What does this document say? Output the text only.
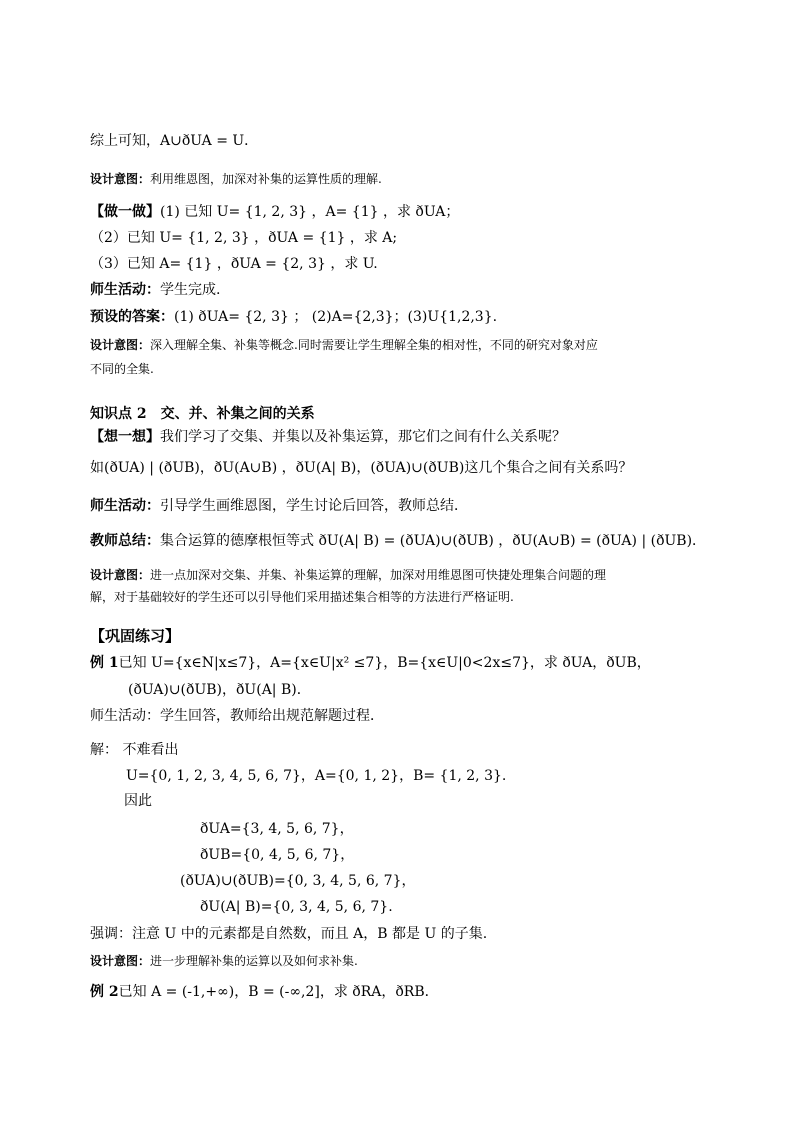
综上可知，A∪ðUA = U．
设计意图：利用维恩图，加深对补集的运算性质的理解.
【做一做】(1) 已知 U= {1, 2, 3} ，A= {1} ，求 ðUA；
（2）已知 U= {1, 2, 3} ，ðUA = {1} ，求 A;
（3）已知 A= {1} ，ðUA = {2, 3} ，求 U.
师生活动：学生完成.
预设的答案：(1) ðUA= {2, 3} ； (2)A={2,3}；(3)U{1,2,3}.
设计意图：深入理解全集、补集等概念.同时需要让学生理解全集的相对性，不同的研究对象对应
不同的全集.
知识点 2　交、并、补集之间的关系
【想一想】我们学习了交集、并集以及补集运算，那它们之间有什么关系呢？
如(ðUA) | (ðUB)，ðU(A∪B) ，ðU(A| B)，(ðUA)∪(ðUB)这几个集合之间有关系吗？
师生活动：引导学生画维恩图，学生讨论后回答，教师总结．
教师总结：集合运算的德摩根恒等式 ðU(A| B) = (ðUA)∪(ðUB) ，ðU(A∪B) = (ðUA) | (ðUB)．
设计意图：进一点加深对交集、并集、补集运算的理解，加深对用维恩图可快捷处理集合问题的理
解，对于基础较好的学生还可以引导他们采用描述集合相等的方法进行严格证明.
【巩固练习】
例 1已知 U={x∈N|x≤7}，A={x∈U|x² ≤7}，B={x∈U|0<2x≤7}，求 ðUA，ðUB，
(ðUA)∪(ðUB)，ðU(A| B)．
师生活动：学生回答，教师给出规范解题过程．
解： 不难看出
U={0, 1, 2, 3, 4, 5, 6, 7}，A={0, 1, 2}，B= {1, 2, 3}.
因此
ðUA={3, 4, 5, 6, 7}，
ðUB={0, 4, 5, 6, 7}，
(ðUA)∪(ðUB)={0, 3, 4, 5, 6, 7}，
ðU(A| B)={0, 3, 4, 5, 6, 7}.
强调：注意 U 中的元素都是自然数，而且 A，B 都是 U 的子集.
设计意图：进一步理解补集的运算以及如何求补集.
例 2已知 A = (-1,+∞)，B = (-∞,2]，求 ðRA，ðRB．
